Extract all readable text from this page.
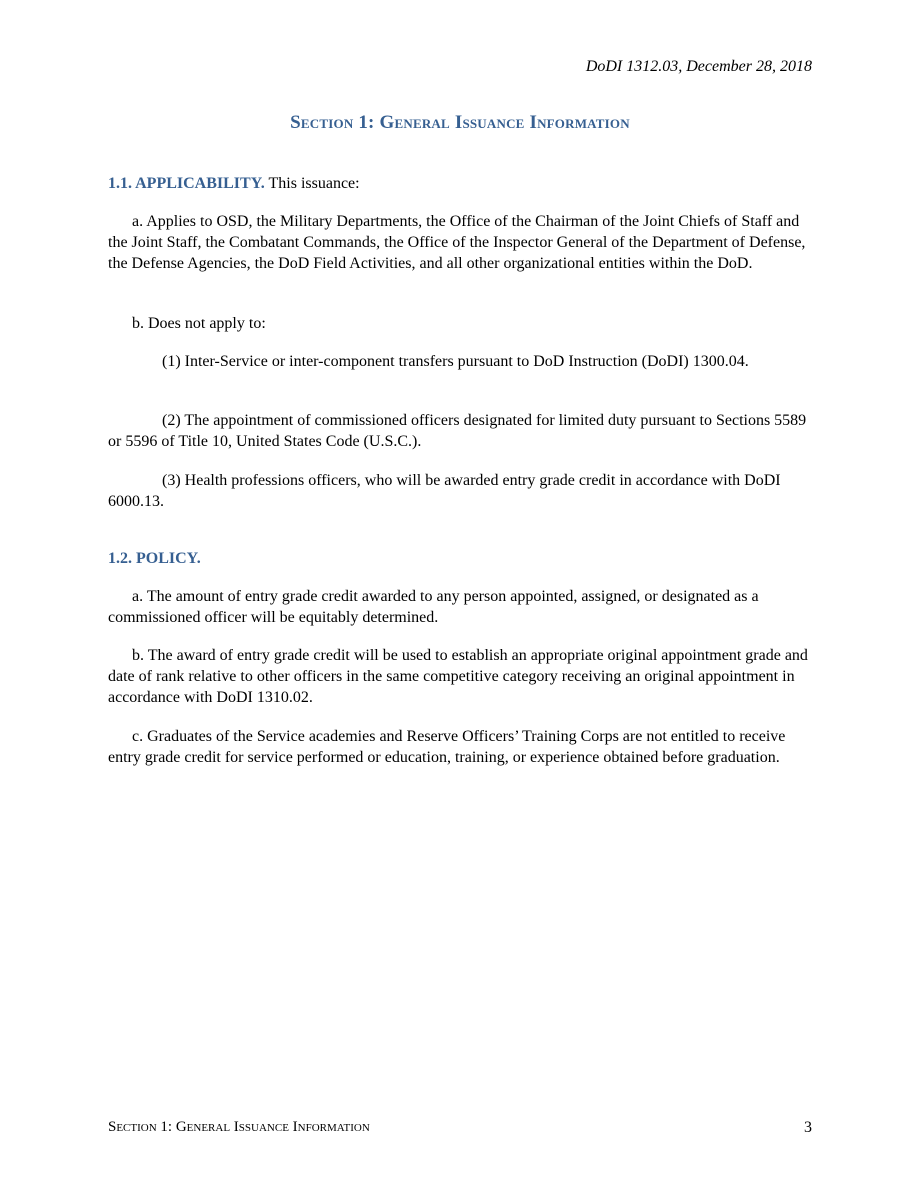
DoDI 1312.03, December 28, 2018
Section 1: General Issuance Information

1.1. APPLICABILITY. This issuance:

a. Applies to OSD, the Military Departments, the Office of the Chairman of the Joint Chiefs of Staff and the Joint Staff, the Combatant Commands, the Office of the Inspector General of the Department of Defense, the Defense Agencies, the DoD Field Activities, and all other organizational entities within the DoD.

b. Does not apply to:

(1) Inter-Service or inter-component transfers pursuant to DoD Instruction (DoDI) 1300.04.

(2) The appointment of commissioned officers designated for limited duty pursuant to Sections 5589 or 5596 of Title 10, United States Code (U.S.C.).

(3) Health professions officers, who will be awarded entry grade credit in accordance with DoDI 6000.13.

1.2. POLICY.

a. The amount of entry grade credit awarded to any person appointed, assigned, or designated as a commissioned officer will be equitably determined.

b. The award of entry grade credit will be used to establish an appropriate original appointment grade and date of rank relative to other officers in the same competitive category receiving an original appointment in accordance with DoDI 1310.02.

c. Graduates of the Service academies and Reserve Officers’ Training Corps are not entitled to receive entry grade credit for service performed or education, training, or experience obtained before graduation.

Section 1: General Issuance Information	3
